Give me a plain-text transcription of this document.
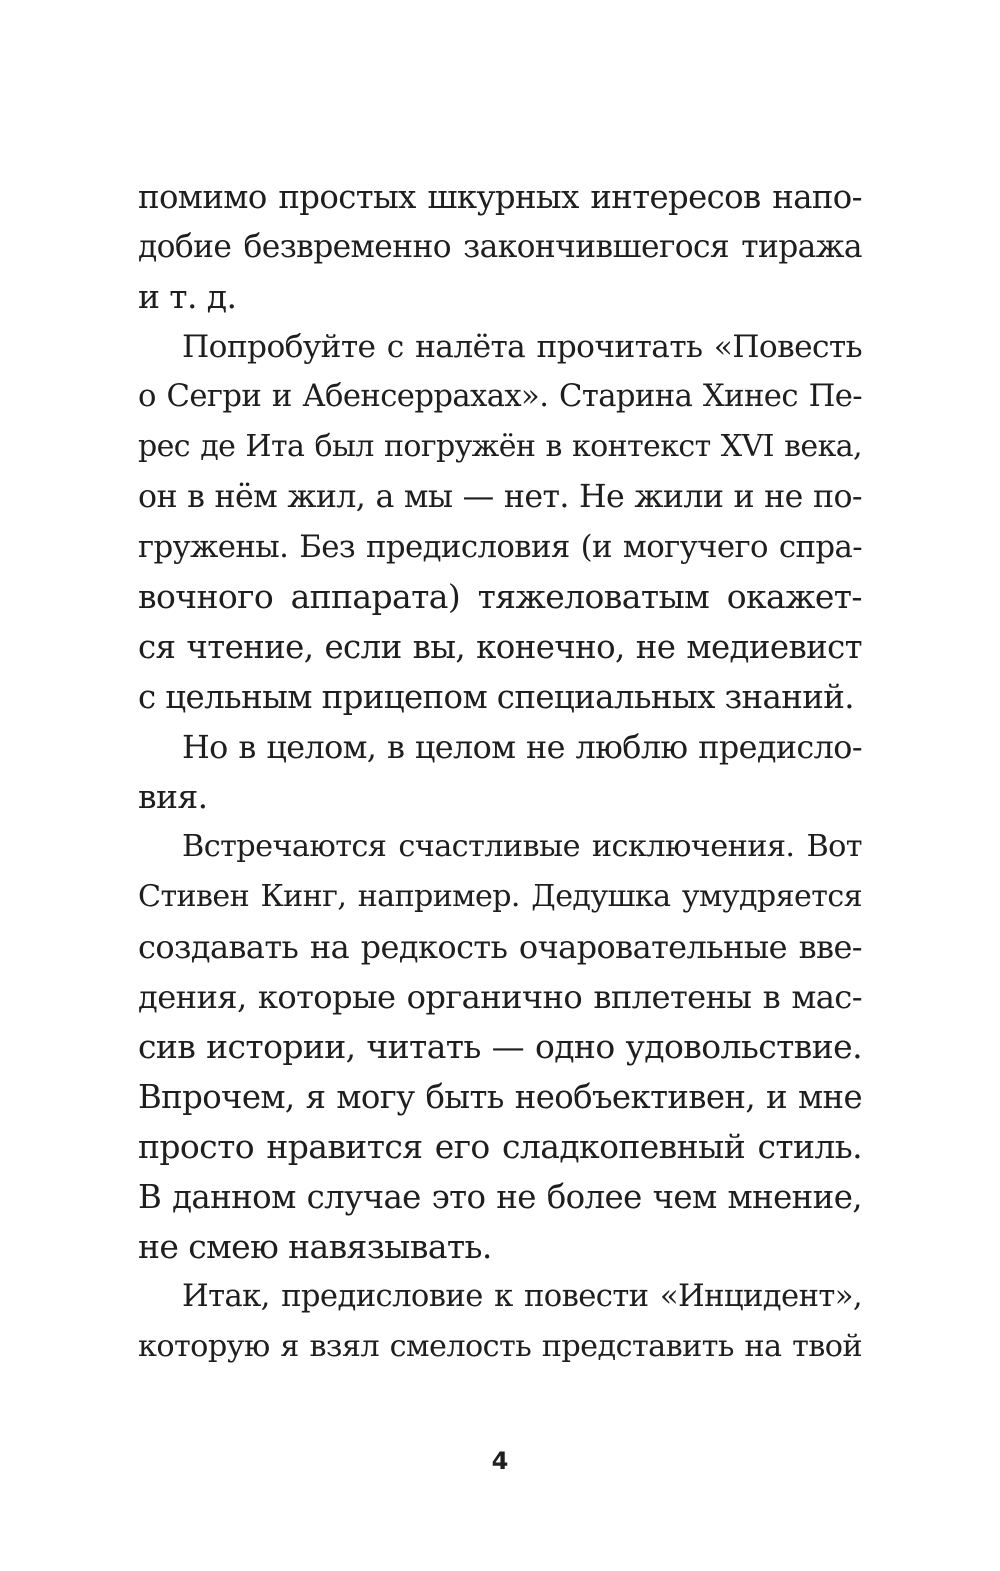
помимо простых шкурных интересов напо-
добие безвременно закончившегося тиража
и т. д.
Попробуйте с налёта прочитать «Повесть
о Сегри и Абенсеррахах». Старина Хинес Пе-
рес де Ита был погружён в контекст XVI века,
он в нём жил, а мы — нет. Не жили и не по-
гружены. Без предисловия (и могучего спра-
вочного аппарата) тяжеловатым окажет-
ся чтение, если вы, конечно, не медиевист
с цельным прицепом специальных знаний.
Но в целом, в целом не люблю предисло-
вия.
Встречаются счастливые исключения. Вот
Стивен Кинг, например. Дедушка умудряется
создавать на редкость очаровательные вве-
дения, которые органично вплетены в мас-
сив истории, читать — одно удовольствие.
Впрочем, я могу быть необъективен, и мне
просто нравится его сладкопевный стиль.
В данном случае это не более чем мнение,
не смею навязывать.
Итак, предисловие к повести «Инцидент»,
которую я взял смелость представить на твой
4
